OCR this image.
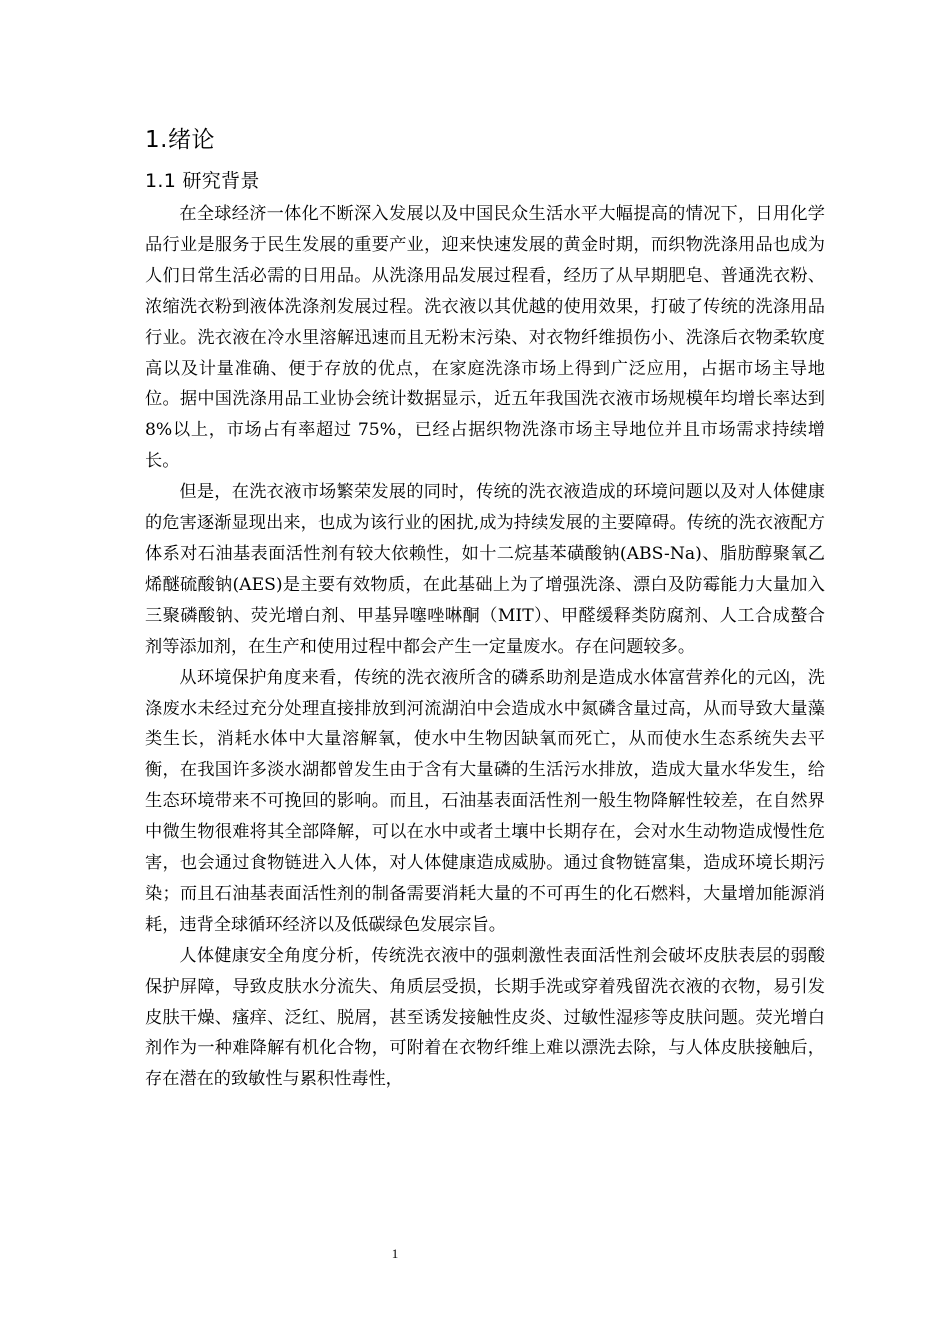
1.绪论
1.1 研究背景

在全球经济一体化不断深入发展以及中国民众生活水平大幅提高的情况下，日用化学品行业是服务于民生发展的重要产业，迎来快速发展的黄金时期，而织物洗涤用品也成为人们日常生活必需的日用品。从洗涤用品发展过程看，经历了从早期肥皂、普通洗衣粉、浓缩洗衣粉到液体洗涤剂发展过程。洗衣液以其优越的使用效果，打破了传统的洗涤用品行业。洗衣液在冷水里溶解迅速而且无粉末污染、对衣物纤维损伤小、洗涤后衣物柔软度高以及计量准确、便于存放的优点，在家庭洗涤市场上得到广泛应用，占据市场主导地位。据中国洗涤用品工业协会统计数据显示，近五年我国洗衣液市场规模年均增长率达到 8%以上，市场占有率超过 75%，已经占据织物洗涤市场主导地位并且市场需求持续增长。

但是，在洗衣液市场繁荣发展的同时，传统的洗衣液造成的环境问题以及对人体健康的危害逐渐显现出来，也成为该行业的困扰,成为持续发展的主要障碍。传统的洗衣液配方体系对石油基表面活性剂有较大依赖性，如十二烷基苯磺酸钠(ABS-Na)、脂肪醇聚氧乙烯醚硫酸钠(AES)是主要有效物质，在此基础上为了增强洗涤、漂白及防霉能力大量加入三聚磷酸钠、荧光增白剂、甲基异噻唑啉酮（MIT）、甲醛缓释类防腐剂、人工合成螯合剂等添加剂，在生产和使用过程中都会产生一定量废水。存在问题较多。

从环境保护角度来看，传统的洗衣液所含的磷系助剂是造成水体富营养化的元凶，洗涤废水未经过充分处理直接排放到河流湖泊中会造成水中氮磷含量过高，从而导致大量藻类生长，消耗水体中大量溶解氧，使水中生物因缺氧而死亡，从而使水生态系统失去平衡，在我国许多淡水湖都曾发生由于含有大量磷的生活污水排放，造成大量水华发生，给生态环境带来不可挽回的影响。而且，石油基表面活性剂一般生物降解性较差，在自然界中微生物很难将其全部降解，可以在水中或者土壤中长期存在，会对水生动物造成慢性危害，也会通过食物链进入人体，对人体健康造成威胁。通过食物链富集，造成环境长期污染；而且石油基表面活性剂的制备需要消耗大量的不可再生的化石燃料，大量增加能源消耗，违背全球循环经济以及低碳绿色发展宗旨。

人体健康安全角度分析，传统洗衣液中的强刺激性表面活性剂会破坏皮肤表层的弱酸保护屏障，导致皮肤水分流失、角质层受损，长期手洗或穿着残留洗衣液的衣物，易引发皮肤干燥、瘙痒、泛红、脱屑，甚至诱发接触性皮炎、过敏性湿疹等皮肤问题。荧光增白剂作为一种难降解有机化合物，可附着在衣物纤维上难以漂洗去除，与人体皮肤接触后，存在潜在的致敏性与累积性毒性，

1
